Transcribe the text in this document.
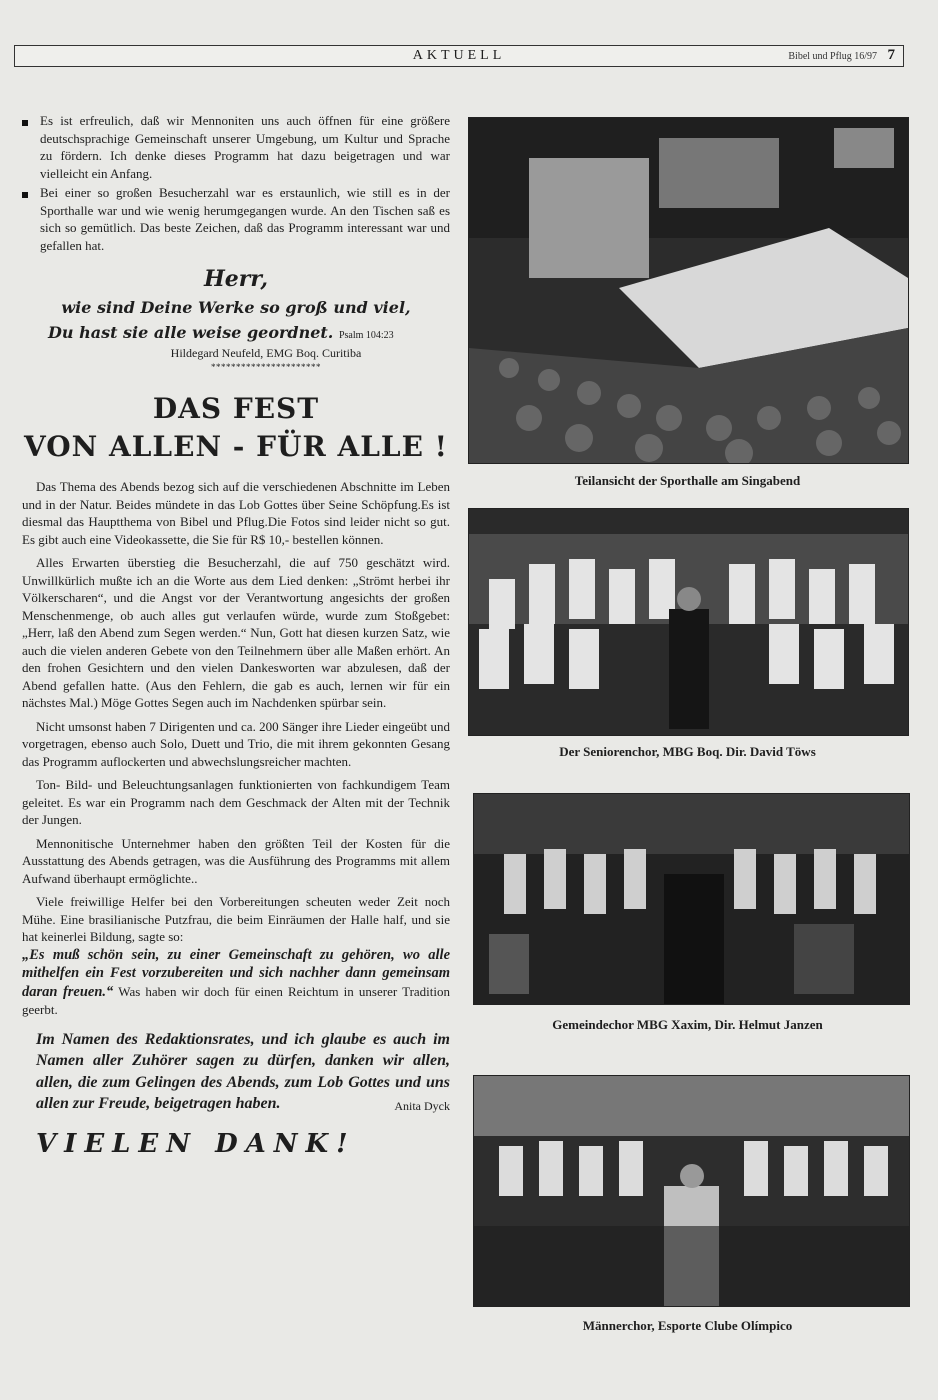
AKTUELL	Bibel und Pflug 16/97 7
Es ist erfreulich, daß wir Mennoniten uns auch öffnen für eine größere deutschsprachige Gemeinschaft unserer Umgebung, um Kultur und Sprache zu fördern. Ich denke dieses Programm hat dazu beigetragen und war vielleicht ein Anfang.
Bei einer so großen Besucherzahl war es erstaunlich, wie still es in der Sporthalle war und wie wenig herumgegangen wurde. An den Tischen saß es sich so gemütlich. Das beste Zeichen, daß das Programm interessant war und gefallen hat.
Herr,
wie sind Deine Werke so groß und viel,
Du hast sie alle weise geordnet. Psalm 104:23
Hildegard Neufeld, EMG Boq. Curitiba
**********************
DAS FEST
VON ALLEN - FÜR ALLE !

Das Thema des Abends bezog sich auf die verschiedenen Abschnitte im Leben und in der Natur. Beides mündete in das Lob Gottes über Seine Schöpfung.Es ist diesmal das Hauptthema von Bibel und Pflug.Die Fotos sind leider nicht so gut. Es gibt auch eine Videokassette, die Sie für R$ 10,- bestellen können.

Alles Erwarten überstieg die Besucherzahl, die auf 750 geschätzt wird. Unwillkürlich mußte ich an die Worte aus dem Lied denken: „Strömt herbei ihr Völkerscharen“, und die Angst vor der Verantwortung angesichts der großen Menschenmenge, ob auch alles gut verlaufen würde, wurde zum Stoßgebet: „Herr, laß den Abend zum Segen werden.“ Nun, Gott hat diesen kurzen Satz, wie auch die vielen anderen Gebete von den Teilnehmern über alle Maßen erhört. An den frohen Gesichtern und den vielen Dankesworten war abzulesen, daß der Abend gefallen hatte. (Aus den Fehlern, die gab es auch, lernen wir für ein nächstes Mal.) Möge Gottes Segen auch im Nachdenken spürbar sein.

Nicht umsonst haben 7 Dirigenten und ca. 200 Sänger ihre Lieder eingeübt und vorgetragen, ebenso auch Solo, Duett und Trio, die mit ihrem gekonnten Gesang das Programm auflockerten und abwechslungsreicher machten.

Ton- Bild- und Beleuchtungsanlagen funktionierten von fachkundigem Team geleitet. Es war ein Programm nach dem Geschmack der Alten mit der Technik der Jungen.

Mennonitische Unternehmer haben den größten Teil der Kosten für die Ausstattung des Abends getragen, was die Ausführung des Programms mit allem Aufwand überhaupt ermöglichte..

Viele freiwillige Helfer bei den Vorbereitungen scheuten weder Zeit noch Mühe. Eine brasilianische Putzfrau, die beim Einräumen der Halle half, und sie hat keinerlei Bildung, sagte so:

„Es muß schön sein, zu einer Gemeinschaft zu gehören, wo alle mithelfen ein Fest vorzubereiten und sich nachher dann gemeinsam daran freuen.“ Was haben wir doch für einen Reichtum in unserer Tradition geerbt.

Im Namen des Redaktionsrates, und ich glaube es auch im Namen aller Zuhörer sagen zu dürfen, danken wir allen, allen, die zum Gelingen des Abends, zum Lob Gottes und uns allen zur Freude, beigetragen haben.	Anita Dyck
VIELEN DANK!
Teilansicht der Sporthalle am Singabend
Der Seniorenchor, MBG Boq. Dir. David Töws
Gemeindechor MBG Xaxim, Dir. Helmut Janzen
Männerchor, Esporte Clube Olímpico
